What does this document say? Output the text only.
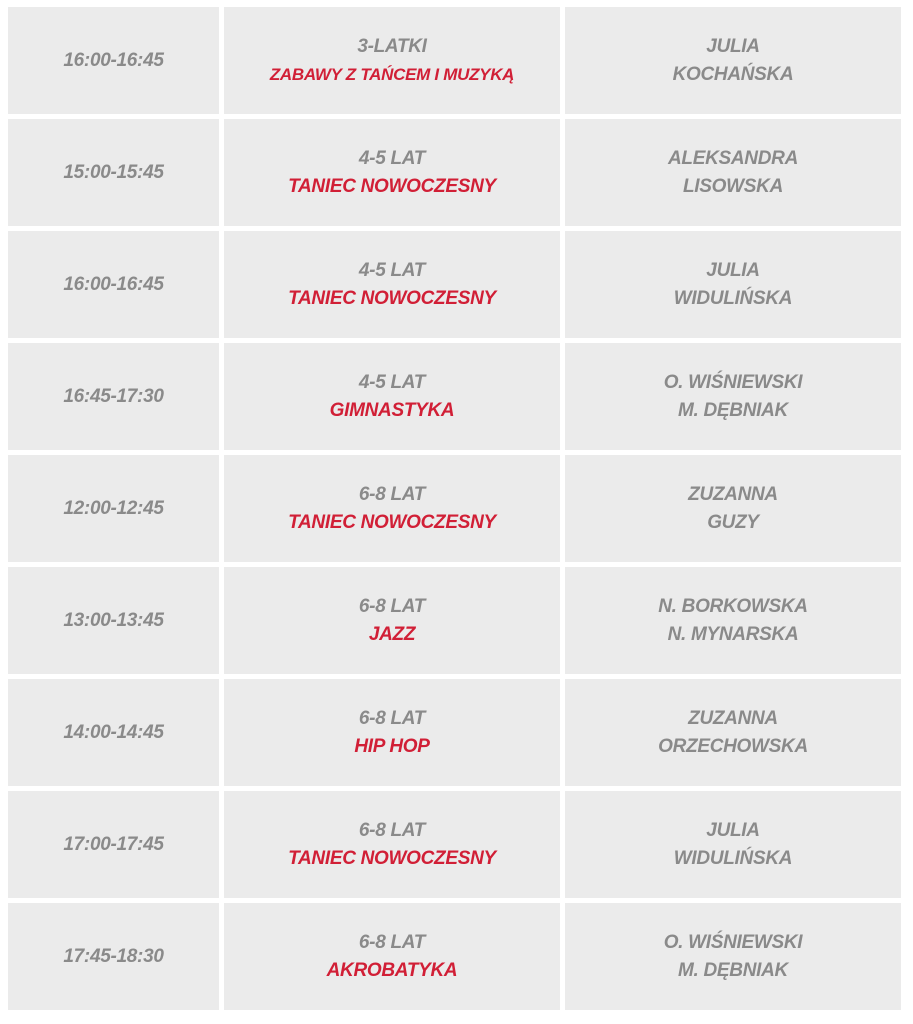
16:00-16:45
3-LATKI
ZABAWY Z TAŃCEM I MUZYKĄ
JULIA
KOCHAŃSKA
15:00-15:45
4-5 LAT
TANIEC NOWOCZESNY
ALEKSANDRA
LISOWSKA
16:00-16:45
4-5 LAT
TANIEC NOWOCZESNY
JULIA
WIDULIŃSKA
16:45-17:30
4-5 LAT
GIMNASTYKA
O. WIŚNIEWSKI
M. DĘBNIAK
12:00-12:45
6-8 LAT
TANIEC NOWOCZESNY
ZUZANNA
GUZY
13:00-13:45
6-8 LAT
JAZZ
N. BORKOWSKA
N. MYNARSKA
14:00-14:45
6-8 LAT
HIP HOP
ZUZANNA
ORZECHOWSKA
17:00-17:45
6-8 LAT
TANIEC NOWOCZESNY
JULIA
WIDULIŃSKA
17:45-18:30
6-8 LAT
AKROBATYKA
O. WIŚNIEWSKI
M. DĘBNIAK
